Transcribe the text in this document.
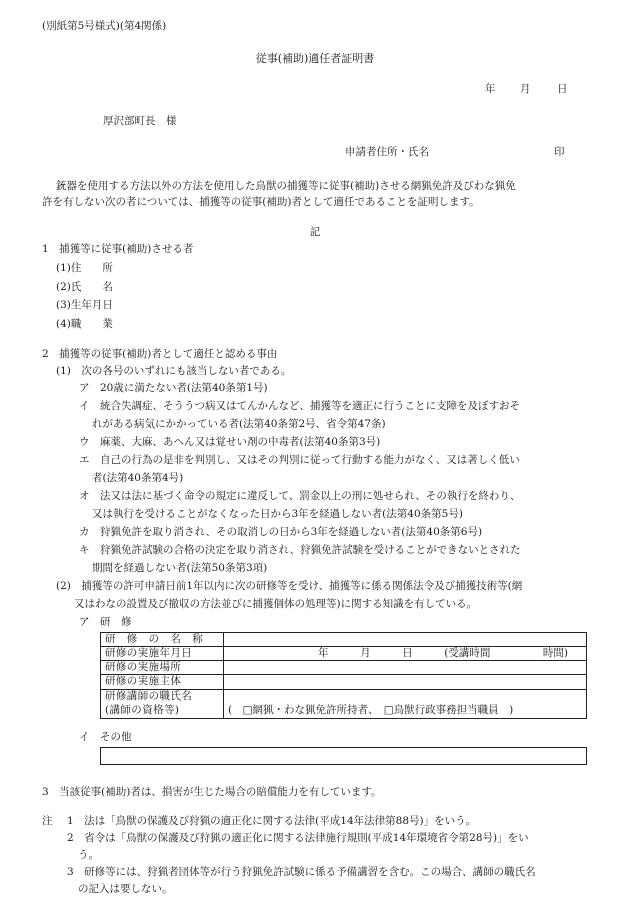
(別紙第5号様式)(第4関係)
従事(補助)適任者証明書
年 月	日
厚沢部町長　様
申請者住所・氏名	印
銃器を使用する方法以外の方法を使用した鳥獣の捕獲等に従事(補助)させる網猟免許及びわな猟免
許を有しない次の者については、捕獲等の従事(補助)者として適任であることを証明します。
記
1　捕獲等に従事(補助)させる者
(1)住　　所
(2)氏　　名
(3)生年月日
(4)職　　業
2　捕獲等の従事(補助)者として適任と認める事由
(1)　次の各号のいずれにも該当しない者である。
ア　20歳に満たない者(法第40条第1号)
イ　統合失調症、そううつ病又はてんかんなど、捕獲等を適正に行うことに支障を及ぼすおそ
れがある病気にかかっている者(法第40条第2号、省令第47条)
ウ　麻薬、大麻、あへん又は覚せい剤の中毒者(法第40条第3号)
エ　自己の行為の是非を判別し、又はその判別に従って行動する能力がなく、又は著しく低い
者(法第40条第4号)
オ　法又は法に基づく命令の規定に違反して、罰金以上の刑に処せられ、その執行を終わり、
又は執行を受けることがなくなった日から3年を経過しない者(法第40条第5号)
カ　狩猟免許を取り消され、その取消しの日から3年を経過しない者(法第40条第6号)
キ　狩猟免許試験の合格の決定を取り消され、狩猟免許試験を受けることができないとされた
期間を経過しない者(法第50条第3項)
(2)　捕獲等の許可申請日前1年以内に次の研修等を受け、捕獲等に係る関係法令及び捕獲技術等(網
又はわなの設置及び撤収の方法並びに捕獲個体の処理等)に関する知識を有している。
ア　研　修
研　修　の　名　称	
研修の実施年月日	年 月 日 (受講時間　　　　　時間)

研修の実施場所	
研修の実施主体	

研修講師の職氏名
(講師の資格等)	(　□網猟・わな猟免許所持者、　□鳥獣行政事務担当職員　)
イ　その他
3　当該従事(補助)者は、損害が生じた場合の賠償能力を有しています。
注 1　法は「鳥獣の保護及び狩猟の適正化に関する法律(平成14年法律第88号)」をいう。
2　省令は「鳥獣の保護及び狩猟の適正化に関する法律施行規則(平成14年環境省令第28号)」をい
う。
3　研修等には、狩猟者団体等が行う狩猟免許試験に係る予備講習を含む。この場合、講師の職氏名
の記入は要しない。
